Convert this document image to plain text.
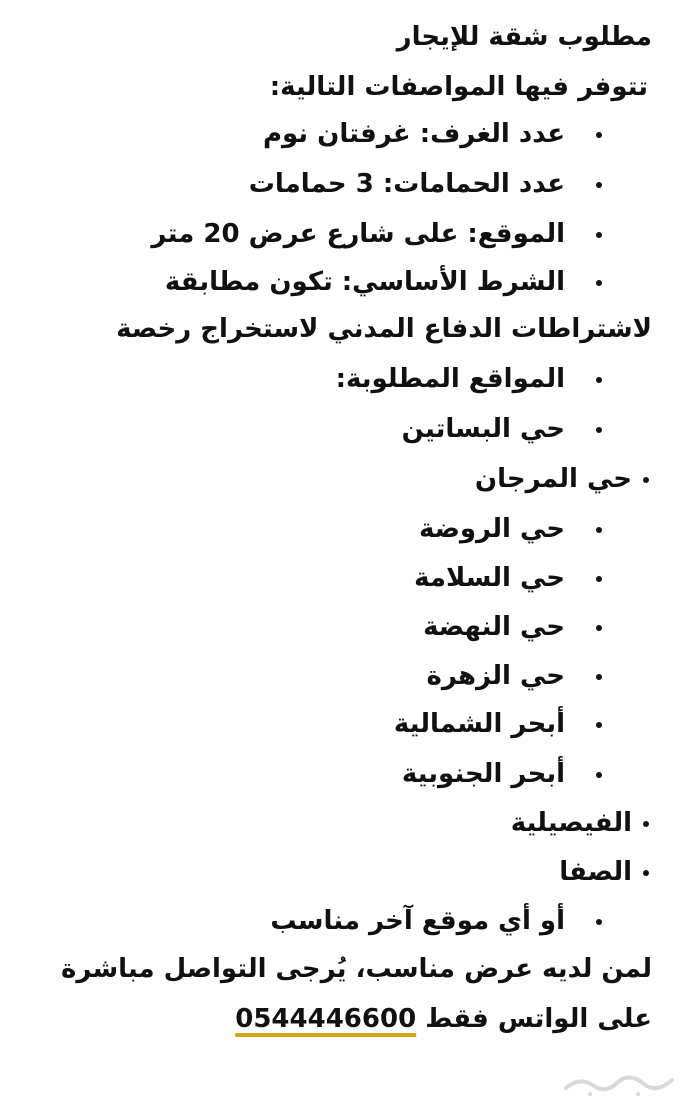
مطلوب شقة للإيجار
تتوفر فيها المواصفات التالية:
عدد الغرف: غرفتان نوم
عدد الحمامات: 3 حمامات
الموقع: على شارع عرض 20 متر
الشرط الأساسي: تكون مطابقة
لاشتراطات الدفاع المدني لاستخراج رخصة
المواقع المطلوبة:
حي البساتين
حي المرجان
حي الروضة
حي السلامة
حي النهضة
حي الزهرة
أبحر الشمالية
أبحر الجنوبية
الفيصيلية
الصفا
أو أي موقع آخر مناسب
لمن لديه عرض مناسب، يُرجى التواصل مباشرة
على الواتس فقط 0544446600
